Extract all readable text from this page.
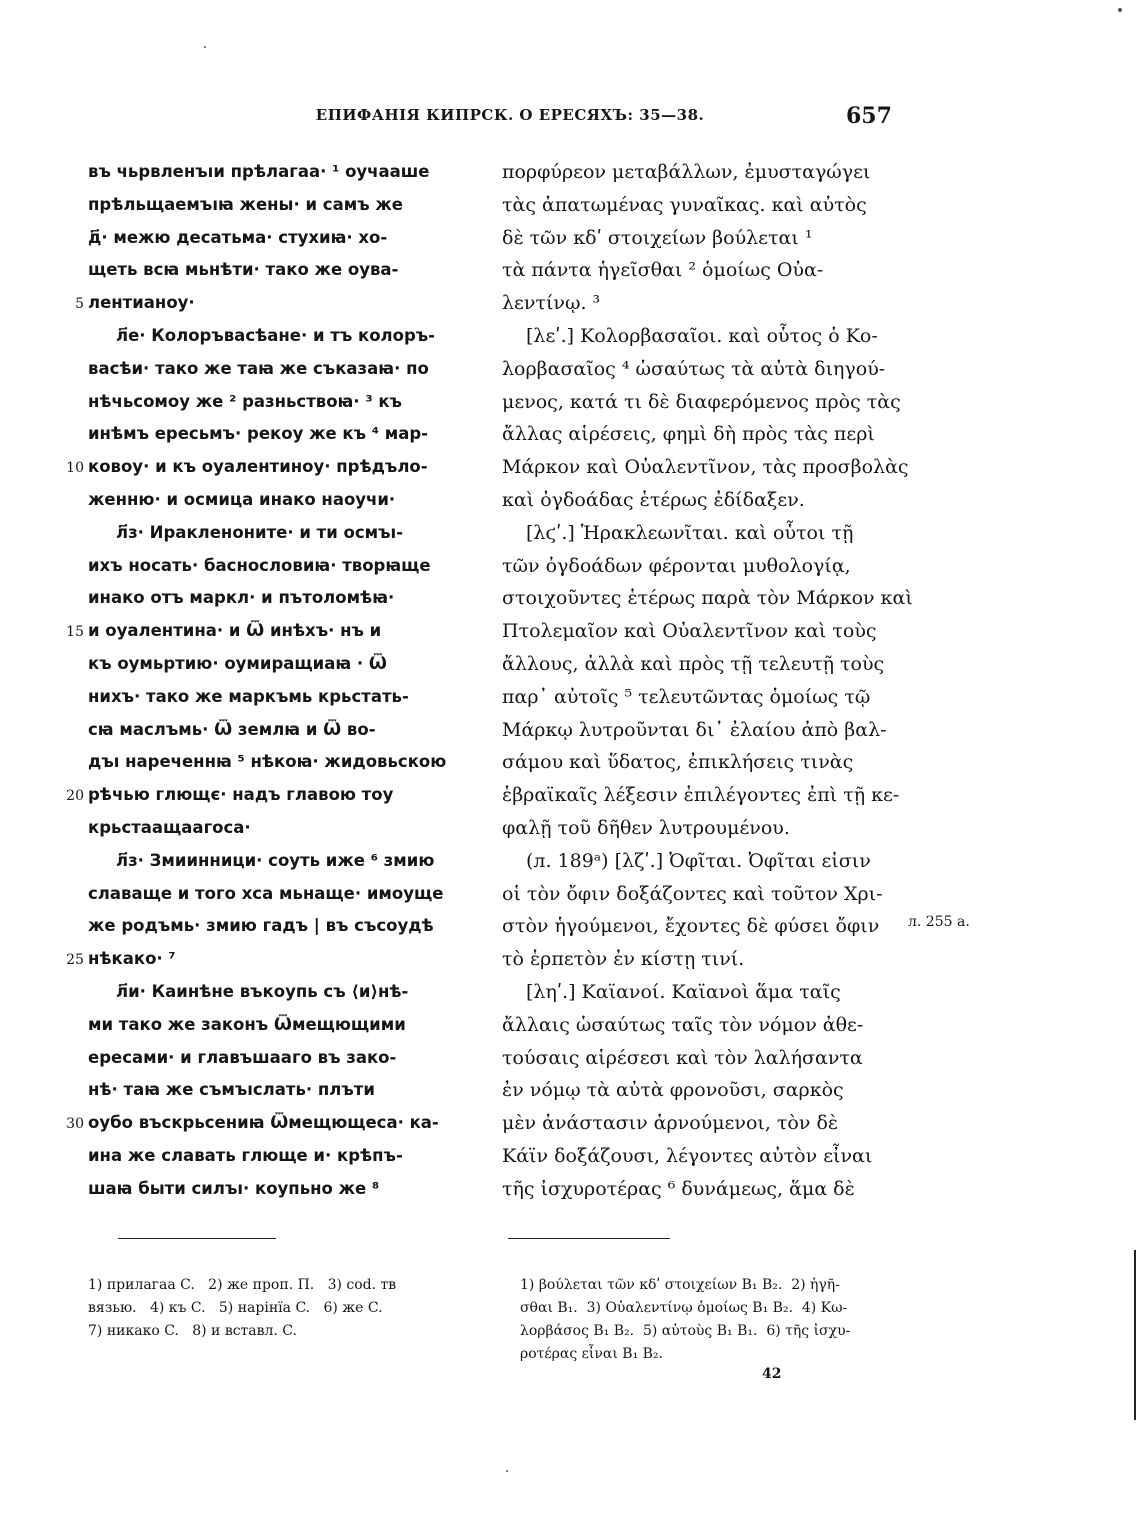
ЕПИФАНІЯ КИПРСК. О ЕРЕСЯХЪ: 35—38.	657
въ чьрвленъıи прѣлагаа· ¹ оучааше
прѣльщаемъıꙗ жены· и самъ же
д҃· межю десатьма· стухиꙗ· хо-
щеть всꙗ мьнѣти· тако же оува-
лентианоу·
л҃е· Колоръвасѣане· и тъ колоръ-
васѣи· тако же таꙗ же съказаꙗ· по
нѣчьсомоу же ² разньствоꙗ· ³ къ
инѣмъ ересьмъ· рекоу же къ ⁴ мар-
ковоу· и къ оуалентиноу· прѣдъло-
женню· и осмица инако наоучи·
л҃з· Иракленоните· и ти осмъı-
ихъ носать· баснословиꙗ· творꙗще
инако отъ маркл· и пътоломѣꙗ·
и оуалентина· и Ѿ инѣхъ· нъ и
къ оумьртию· оумиращиаꙗ · Ѿ
нихъ· тако же маркъмь крьстать-
сꙗ маслъмь· Ѿ землꙗ и Ѿ во-
дъı нареченнꙗ ⁵ нѣкоꙗ· жидовьскою
рѣчью глющє· надъ главою тоу
крьстаащаагоса·
л҃з· Змиинници· соуть иже ⁶ змию
славаще и того хса мьнаще· имоуще
же родъмь· змию гадъ | въ съсоудѣ
нѣкако· ⁷
л҃и· Каинѣне въкоупь съ ⟨и⟩нѣ-
ми тако же законъ Ѿмещющими
ересами· и главъшааго въ зако-
нѣ· таꙗ же съмъıслать· плъти
оубо въскрьсениꙗ Ѿмещющеса· ка-
ина же славать глюще и· крѣпъ-
шаꙗ быти силъı· коупьно же ⁸
5
10
15
20
25
30
πορφύρεον μεταβάλλων, ἐμυσταγώγει
τὰς ἀπατωμένας γυναῖκας. καὶ αὐτὸς
δὲ τῶν κδʹ στοιχείων βούλεται ¹
τὰ πάντα ἡγεῖσθαι ² ὁμοίως Οὐα-
λεντίνῳ. ³
[λεʹ.] Κολορβασαῖοι. καὶ οὗτος ὁ Κο-
λορβασαῖος ⁴ ὡσαύτως τὰ αὐτὰ διηγού-
μενος, κατά τι δὲ διαφερόμενος πρὸς τὰς
ἄλλας αἱρέσεις, φημὶ δὴ πρὸς τὰς περὶ
Μάρκον καὶ Οὐαλεντῖνον, τὰς προσβολὰς
καὶ ὀγδοάδας ἑτέρως ἐδίδαξεν.
[λϛʹ.] Ἡρακλεωνῖται. καὶ οὗτοι τῇ
τῶν ὀγδοάδων φέρονται μυθολογίᾳ,
στοιχοῦντες ἑτέρως παρὰ τὸν Μάρκον καὶ
Πτολεμαῖον καὶ Οὐαλεντῖνον καὶ τοὺς
ἄλλους, ἀλλὰ καὶ πρὸς τῇ τελευτῇ τοὺς
παρ᾽ αὐτοῖς ⁵ τελευτῶντας ὁμοίως τῷ
Μάρκῳ λυτροῦνται δι᾽ ἐλαίου ἀπὸ βαλ-
σάμου καὶ ὕδατος, ἐπικλήσεις τινὰς
ἑβραϊκαῖς λέξεσιν ἐπιλέγοντες ἐπὶ τῇ κε-
φαλῇ τοῦ δῆθεν λυτρουμένου.
(л. 189ᵃ) [λζʹ.] Ὀφῖται. Ὀφῖται εἰσιν
οἱ τὸν ὄφιν δοξάζοντες καὶ τοῦτον Χρι-
στὸν ἡγούμενοι, ἔχοντες δὲ φύσει ὄφιν
τὸ ἑρπετὸν ἐν κίστῃ τινί.
[ληʹ.] Καϊανοί. Καϊανοὶ ἅμα ταῖς
ἄλλαις ὡσαύτως ταῖς τὸν νόμον ἀθε-
τούσαις αἱρέσεσι καὶ τὸν λαλήσαντα
ἐν νόμῳ τὰ αὐτὰ φρονοῦσι, σαρκὸς
μὲν ἀνάστασιν ἀρνούμενοι, τὸν δὲ
Κάϊν δοξάζουσι, λέγοντες αὐτὸν εἶναι
τῆς ἰσχυροτέρας ⁶ δυνάμεως, ἅμα δὲ
л. 255 а.
1) прилагаа C.   2) же проп. П.   3) cod. тв
вязью.   4) къ C.   5) нарінїа C.   6) же C.
7) никако C.   8) и вставл. C.
1) βούλεται τῶν κδʹ στοιχείων B₁ B₂.  2) ἡγῆ-
σθαι B₁.  3) Οὐαλεντίνῳ ὁμοίως B₁ B₂.  4) Κω-
λορβάσος B₁ B₂.  5) αὐτοὺς B₁ B₁.  6) τῆς ἰσχυ-
ροτέρας εἶναι B₁ B₂.
42
